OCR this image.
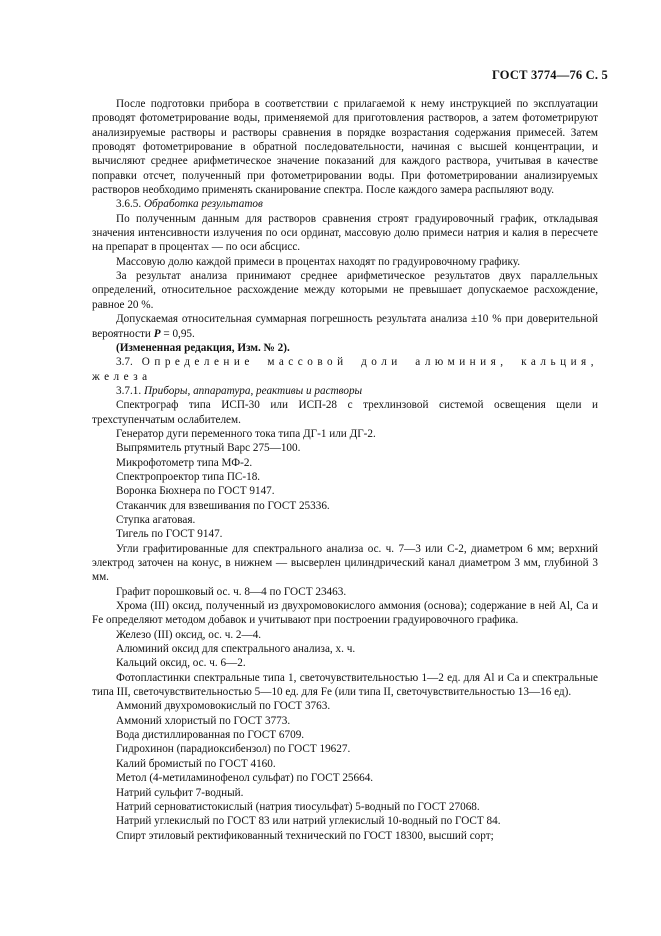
ГОСТ 3774—76 С. 5

После подготовки прибора в соответствии с прилагаемой к нему инструкцией по эксплуатации проводят фотометрирование воды, применяемой для приготовления растворов, а затем фотометрируют анализируемые растворы и растворы сравнения в порядке возрастания содержания примесей. Затем проводят фотометрирование в обратной последовательности, начиная с высшей концентрации, и вычисляют среднее арифметическое значение показаний для каждого раствора, учитывая в качестве поправки отсчет, полученный при фотометрировании воды. При фотометрировании анализируемых растворов необходимо применять сканирование спектра. После каждого замера распыляют воду.

3.6.5. Обработка результатов

По полученным данным для растворов сравнения строят градуировочный график, откладывая значения интенсивности излучения по оси ординат, массовую долю примеси натрия и калия в пересчете на препарат в процентах — по оси абсцисс.

Массовую долю каждой примеси в процентах находят по градуировочному графику.

За результат анализа принимают среднее арифметическое результатов двух параллельных определений, относительное расхождение между которыми не превышает допускаемое расхождение, равное 20 %.

Допускаемая относительная суммарная погрешность результата анализа ±10 % при доверительной вероятности P = 0,95.

(Измененная редакция, Изм. № 2).

3.7. Определение массовой доли алюминия, кальция, железа

3.7.1. Приборы, аппаратура, реактивы и растворы

Спектрограф типа ИСП-30 или ИСП-28 с трехлинзовой системой освещения щели и трехступенчатым ослабителем.

Генератор дуги переменного тока типа ДГ-1 или ДГ-2.

Выпрямитель ртутный Варс 275—100.

Микрофотометр типа МФ-2.

Спектропроектор типа ПС-18.

Воронка Бюхнера по ГОСТ 9147.

Стаканчик для взвешивания по ГОСТ 25336.

Ступка агатовая.

Тигель по ГОСТ 9147.

Угли графитированные для спектрального анализа ос. ч. 7—3 или С-2, диаметром 6 мм; верхний электрод заточен на конус, в нижнем — высверлен цилиндрический канал диаметром 3 мм, глубиной 3 мм.

Графит порошковый ос. ч. 8—4 по ГОСТ 23463.

Хрома (III) оксид, полученный из двухромовокислого аммония (основа); содержание в ней Al, Ca и Fe определяют методом добавок и учитывают при построении градуировочного графика.

Железо (III) оксид, ос. ч. 2—4.

Алюминий оксид для спектрального анализа, х. ч.

Кальций оксид, ос. ч. 6—2.

Фотопластинки спектральные типа 1, светочувствительностью 1—2 ед. для Al и Ca и спектральные типа III, светочувствительностью 5—10 ед. для Fe (или типа II, светочувствительностью 13—16 ед).

Аммоний двухромовокислый по ГОСТ 3763.

Аммоний хлористый по ГОСТ 3773.

Вода дистиллированная по ГОСТ 6709.

Гидрохинон (парадиоксибензол) по ГОСТ 19627.

Калий бромистый по ГОСТ 4160.

Метол (4-метиламинофенол сульфат) по ГОСТ 25664.

Натрий сульфит 7-водный.

Натрий серноватистокислый (натрия тиосульфат) 5-водный по ГОСТ 27068.

Натрий углекислый по ГОСТ 83 или натрий углекислый 10-водный по ГОСТ 84.

Спирт этиловый ректификованный технический по ГОСТ 18300, высший сорт;
